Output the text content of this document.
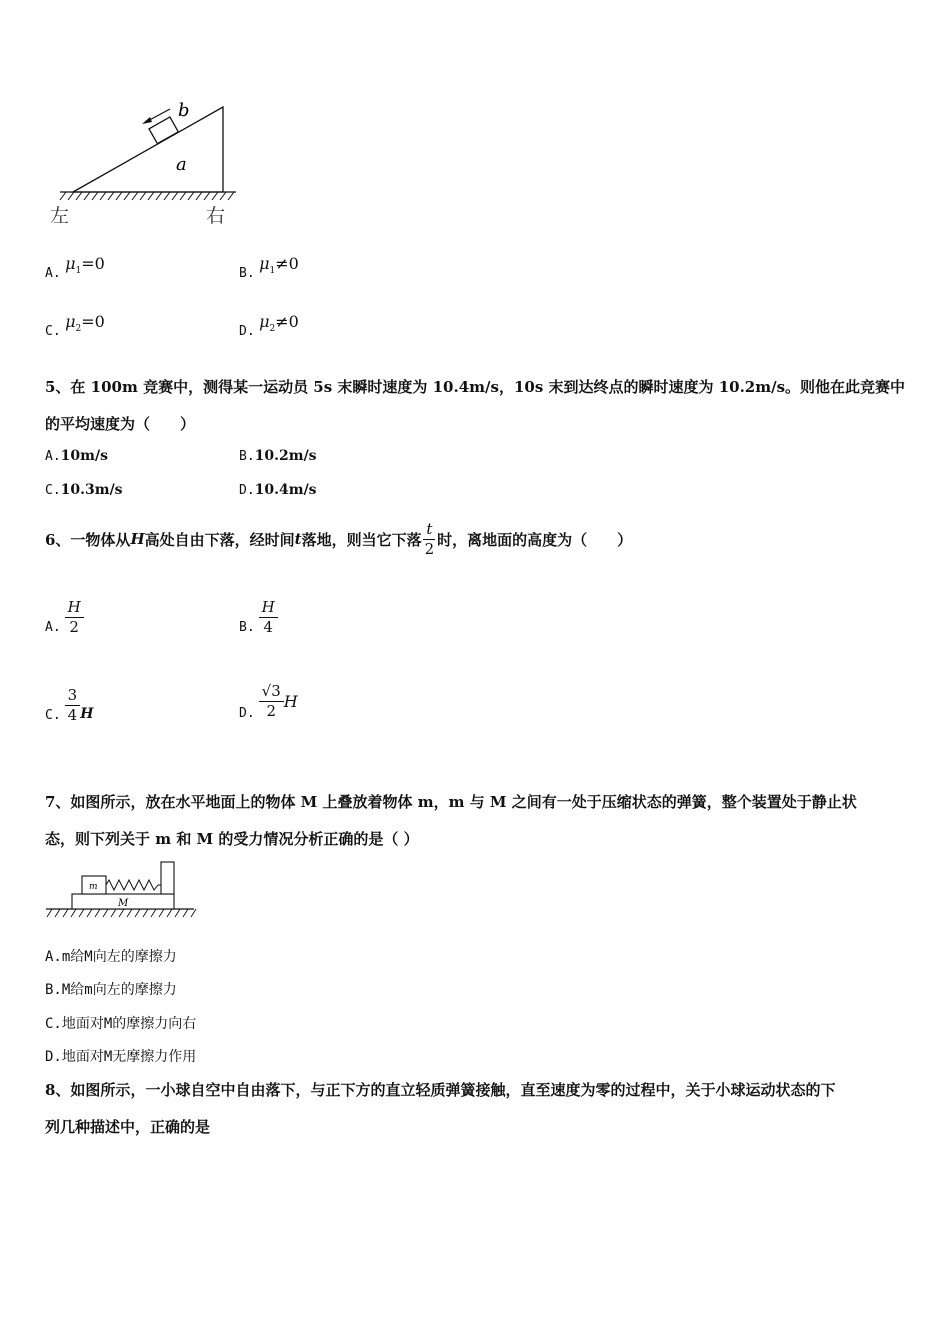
b
a
左	右
A. $\mu_1=0$
B. $\mu_1\ne 0$
C. $\mu_2=0$
D. $\mu_2\ne 0$
5、在 100m 竞赛中，测得某一运动员 5s 末瞬时速度为 10.4m/s，10s 末到达终点的瞬时速度为 10.2m/s。则他在此竞赛中
的平均速度为（　　）
A.10m/s	B.10.2m/s
C.10.3m/s	D.10.4m/s
6、一物体从 H 高处自由下落，经时间 t 落地，则当它下落 $\frac{t}{2}$ 时，离地面的高度为（　　）
A. $\frac{H}{2}$	B. $\frac{H}{4}$
C. $\frac{3}{4}$ H	D. $\frac{√3}{2}$ H
7、如图所示，放在水平地面上的物体 M 上叠放着物体 m，m 与 M 之间有一处于压缩状态的弹簧，整个装置处于静止状
态，则下列关于 m 和 M 的受力情况分析正确的是（ ）
m
M
A.m给M向左的摩擦力
B.M给m向左的摩擦力
C.地面对M的摩擦力向右
D.地面对M无摩擦力作用
8、如图所示，一小球自空中自由落下，与正下方的直立轻质弹簧接触，直至速度为零的过程中，关于小球运动状态的下
列几种描述中，正确的是
